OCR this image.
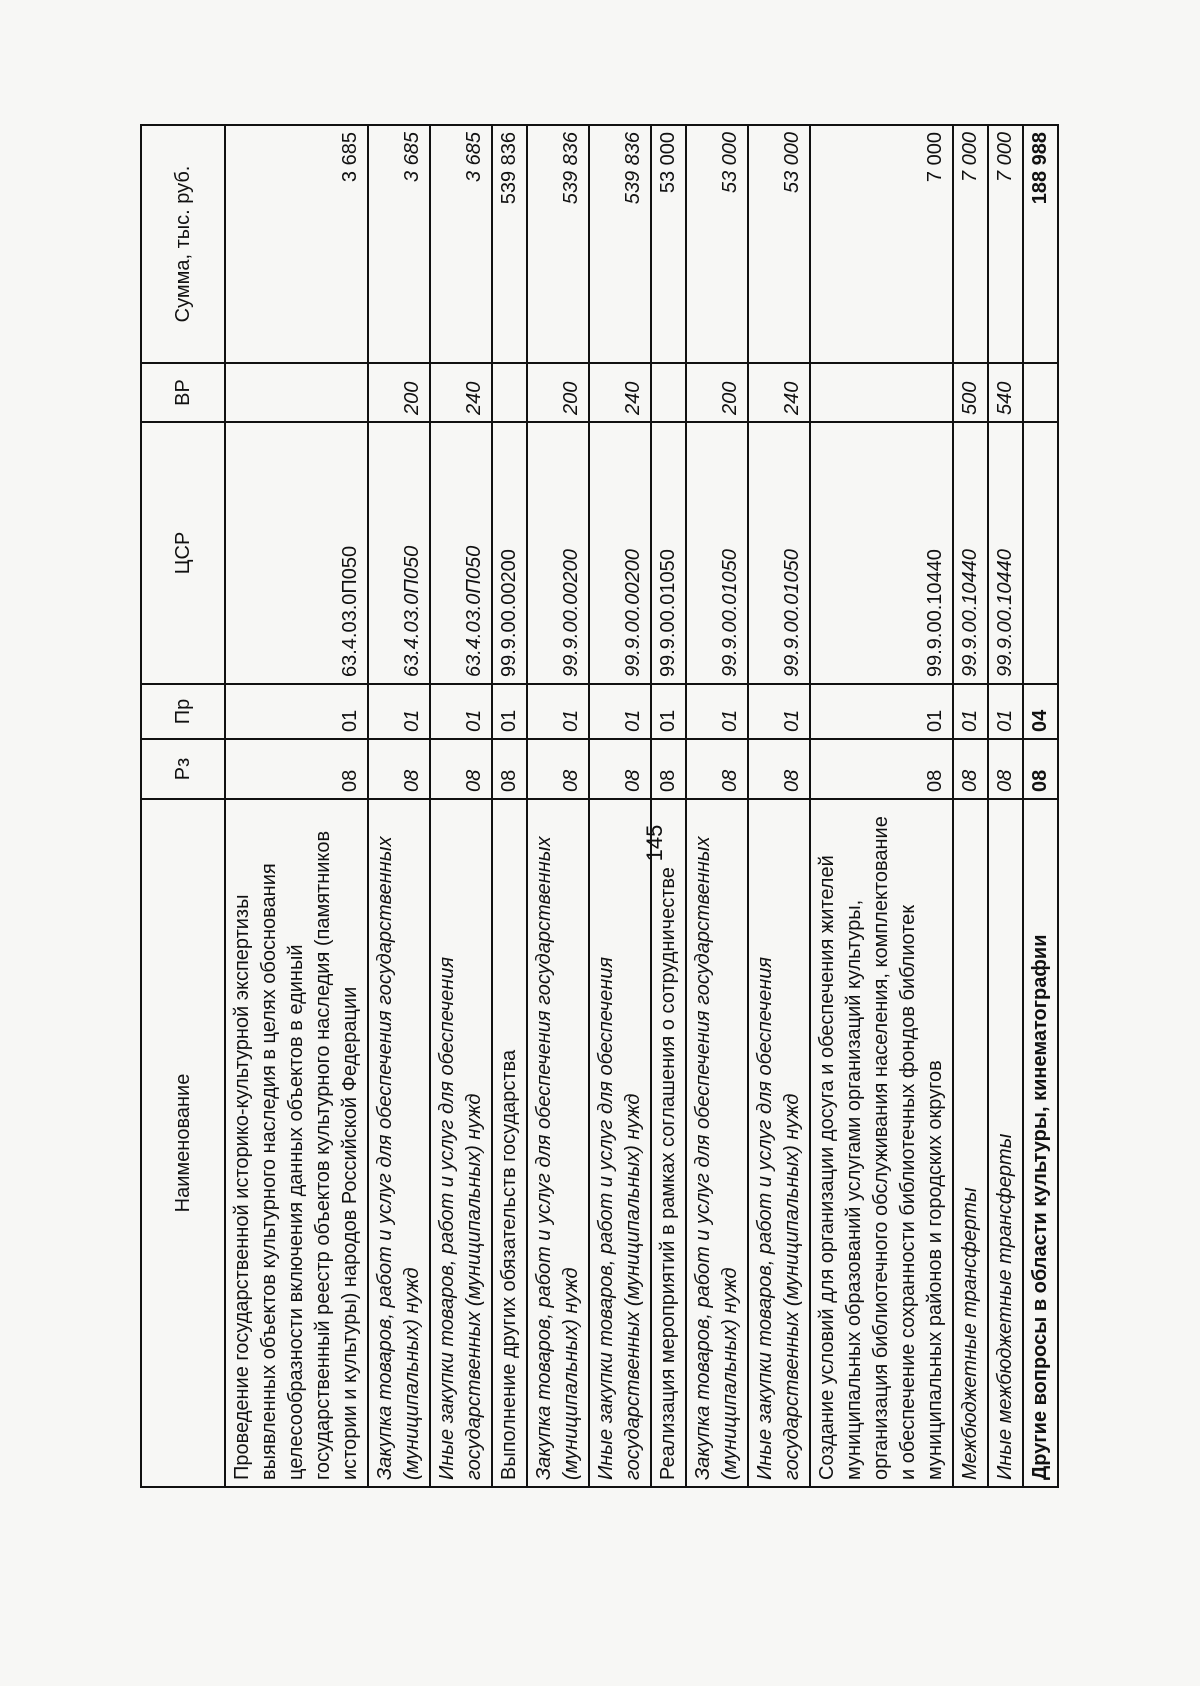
145
Наименование	Рз	Пр	ЦСР	ВР	Сумма, тыс. руб.
Проведение государственной историко-культурной экспертизы выявленных объектов культурного наследия в целях обоснования целесообразности включения данных объектов в единый государственный реестр объектов культурного наследия (памятников истории и культуры) народов Российской Федерации	08	01	63.4.03.0П050		3 685
Закупка товаров, работ и услуг для обеспечения государственных (муниципальных) нужд	08	01	63.4.03.0П050	200	3 685
Иные закупки товаров, работ и услуг для обеспечения государственных (муниципальных) нужд	08	01	63.4.03.0П050	240	3 685
Выполнение других обязательств государства	08	01	99.9.00.00200		539 836
Закупка товаров, работ и услуг для обеспечения государственных (муниципальных) нужд	08	01	99.9.00.00200	200	539 836
Иные закупки товаров, работ и услуг для обеспечения государственных (муниципальных) нужд	08	01	99.9.00.00200	240	539 836
Реализация мероприятий в рамках соглашения о сотрудничестве	08	01	99.9.00.01050		53 000
Закупка товаров, работ и услуг для обеспечения государственных (муниципальных) нужд	08	01	99.9.00.01050	200	53 000
Иные закупки товаров, работ и услуг для обеспечения государственных (муниципальных) нужд	08	01	99.9.00.01050	240	53 000
Создание условий для организации досуга и обеспечения жителей муниципальных образований услугами организаций культуры, организация библиотечного обслуживания населения, комплектование и обеспечение сохранности библиотечных фондов библиотек муниципальных районов и городских округов	08	01	99.9.00.10440		7 000
Межбюджетные трансферты	08	01	99.9.00.10440	500	7 000
Иные межбюджетные трансферты	08	01	99.9.00.10440	540	7 000
Другие вопросы в области культуры, кинематографии	08	04			188 988
